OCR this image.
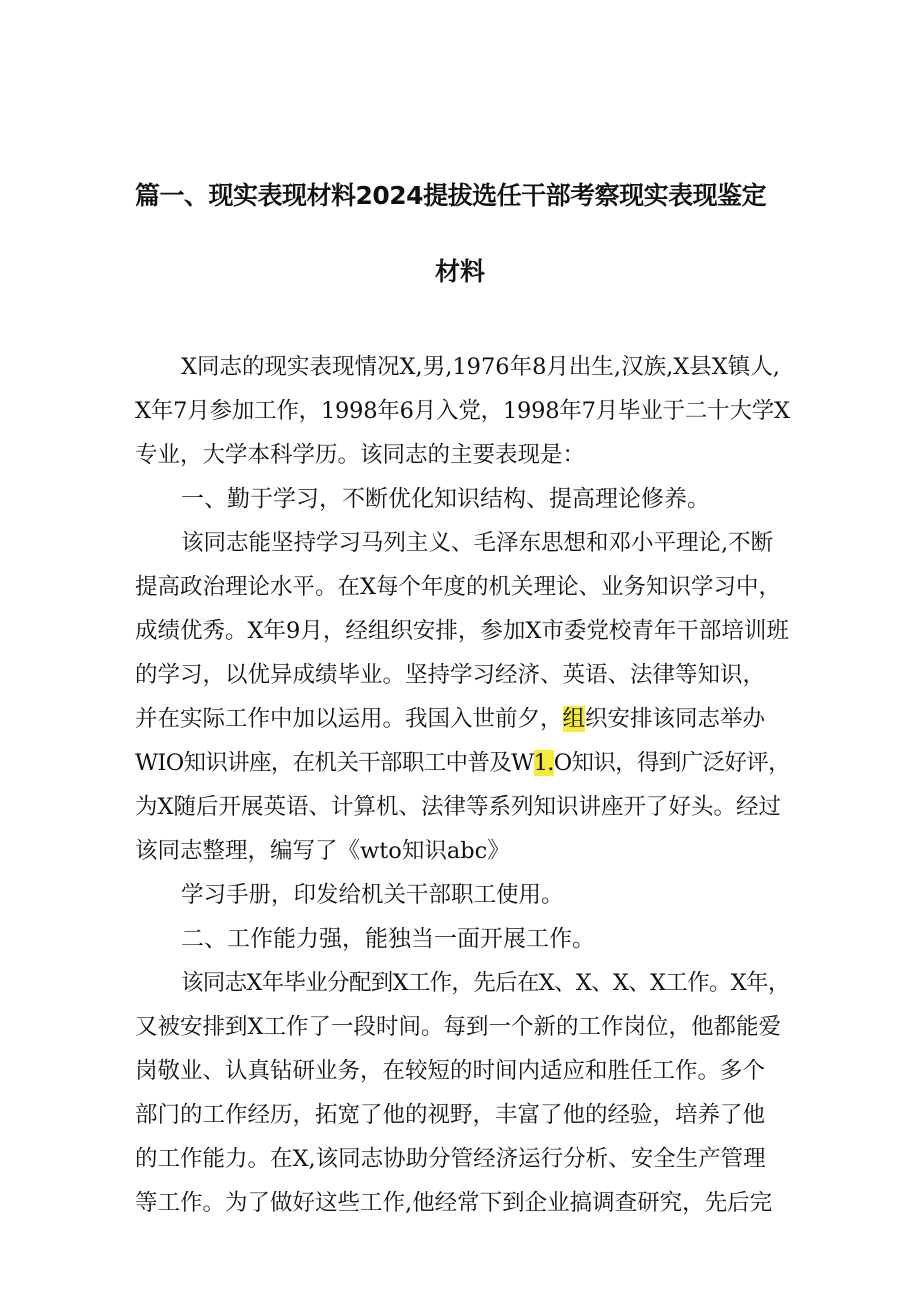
篇一、现实表现材料2024提拔选任干部考察现实表现鉴定
材料
X同志的现实表现情况X,男,1976年8月出生,汉族,X县X镇人,
X年7月参加工作，1998年6月入党，1998年7月毕业于二十大学X
专业，大学本科学历。该同志的主要表现是：
一、勤于学习，不断优化知识结构、提高理论修养。
该同志能坚持学习马列主义、毛泽东思想和邓小平理论,不断
提高政治理论水平。在X每个年度的机关理论、业务知识学习中，
成绩优秀。X年9月，经组织安排，参加X市委党校青年干部培训班
的学习，以优异成绩毕业。坚持学习经济、英语、法律等知识，
并在实际工作中加以运用。我国入世前夕，组织安排该同志举办
WIO知识讲座，在机关干部职工中普及W1.O知识，得到广泛好评，
为X随后开展英语、计算机、法律等系列知识讲座开了好头。经过
该同志整理，编写了《wto知识abc》
学习手册，印发给机关干部职工使用。
二、工作能力强，能独当一面开展工作。
该同志X年毕业分配到X工作，先后在X、X、X、X工作。X年，
又被安排到X工作了一段时间。每到一个新的工作岗位，他都能爱
岗敬业、认真钻研业务，在较短的时间内适应和胜任工作。多个
部门的工作经历，拓宽了他的视野，丰富了他的经验，培养了他
的工作能力。在X,该同志协助分管经济运行分析、安全生产管理
等工作。为了做好这些工作,他经常下到企业搞调查研究，先后完
